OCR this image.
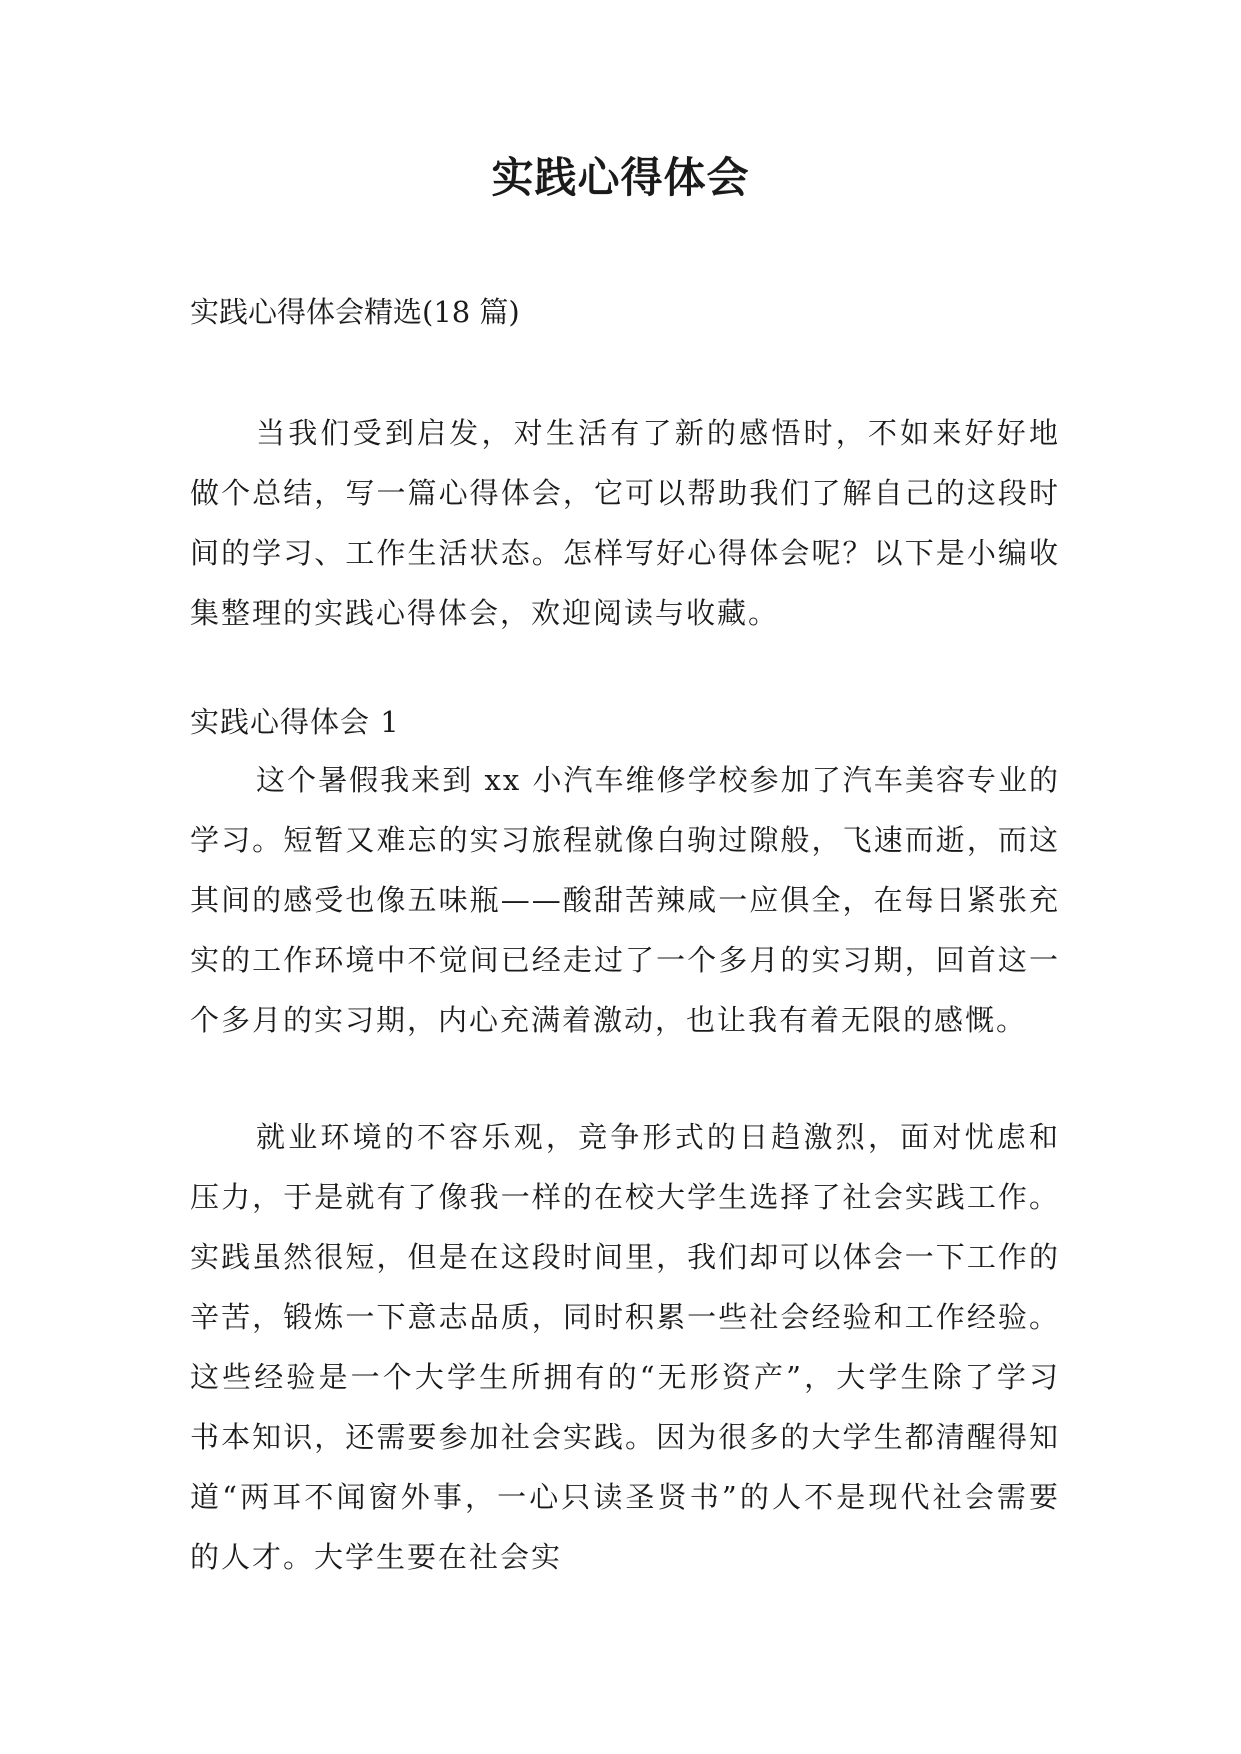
实践心得体会
实践心得体会精选(18 篇)

当我们受到启发，对生活有了新的感悟时，不如来好好地做个总结，写一篇心得体会，它可以帮助我们了解自己的这段时间的学习、工作生活状态。怎样写好心得体会呢？以下是小编收集整理的实践心得体会，欢迎阅读与收藏。

实践心得体会 1

这个暑假我来到 xx 小汽车维修学校参加了汽车美容专业的学习。短暂又难忘的实习旅程就像白驹过隙般，飞速而逝，而这其间的感受也像五味瓶——酸甜苦辣咸一应俱全，在每日紧张充实的工作环境中不觉间已经走过了一个多月的实习期，回首这一个多月的实习期，内心充满着激动，也让我有着无限的感慨。

就业环境的不容乐观，竞争形式的日趋激烈，面对忧虑和压力，于是就有了像我一样的在校大学生选择了社会实践工作。实践虽然很短，但是在这段时间里，我们却可以体会一下工作的辛苦，锻炼一下意志品质，同时积累一些社会经验和工作经验。这些经验是一个大学生所拥有的“无形资产”，大学生除了学习书本知识，还需要参加社会实践。因为很多的大学生都清醒得知道“两耳不闻窗外事，一心只读圣贤书”的人不是现代社会需要的人才。大学生要在社会实
